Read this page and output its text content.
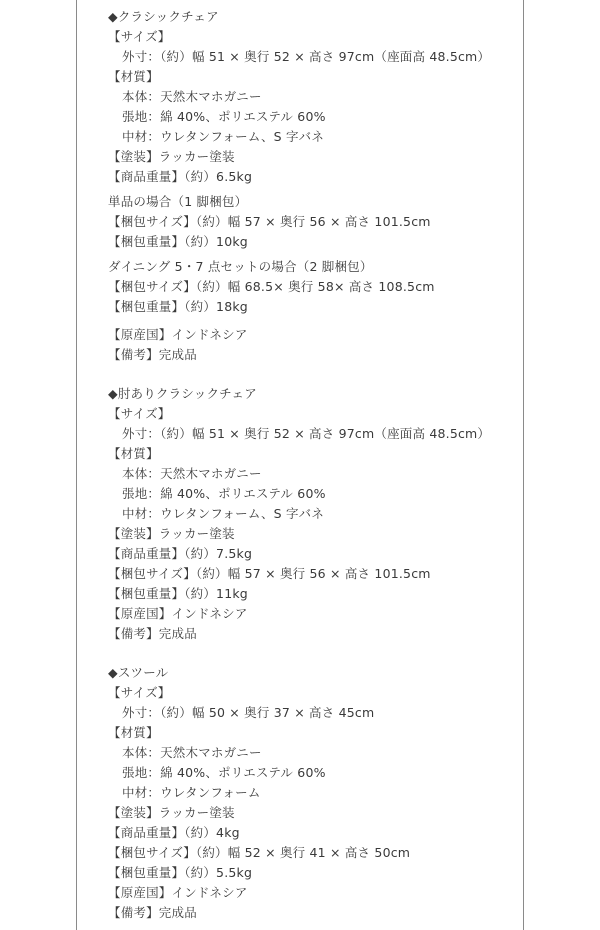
◆クラシックチェア
【サイズ】
外寸：（約）幅 51 × 奥行 52 × 高さ 97cm（座面高 48.5cm）
【材質】
本体：天然木マホガニー
張地：綿 40%、ポリエステル 60%
中材：ウレタンフォーム、S 字バネ
【塗装】ラッカー塗装
【商品重量】（約）6.5kg
単品の場合（1 脚梱包）
【梱包サイズ】（約）幅 57 × 奥行 56 × 高さ 101.5cm
【梱包重量】（約）10kg
ダイニング 5・7 点セットの場合（2 脚梱包）
【梱包サイズ】（約）幅 68.5× 奥行 58× 高さ 108.5cm
【梱包重量】（約）18kg
【原産国】インドネシア
【備考】完成品
◆肘ありクラシックチェア
【サイズ】
外寸：（約）幅 51 × 奥行 52 × 高さ 97cm（座面高 48.5cm）
【材質】
本体：天然木マホガニー
張地：綿 40%、ポリエステル 60%
中材：ウレタンフォーム、S 字バネ
【塗装】ラッカー塗装
【商品重量】（約）7.5kg
【梱包サイズ】（約）幅 57 × 奥行 56 × 高さ 101.5cm
【梱包重量】（約）11kg
【原産国】インドネシア
【備考】完成品
◆スツール
【サイズ】
外寸：（約）幅 50 × 奥行 37 × 高さ 45cm
【材質】
本体：天然木マホガニー
張地：綿 40%、ポリエステル 60%
中材：ウレタンフォーム
【塗装】ラッカー塗装
【商品重量】（約）4kg
【梱包サイズ】（約）幅 52 × 奥行 41 × 高さ 50cm
【梱包重量】（約）5.5kg
【原産国】インドネシア
【備考】完成品
